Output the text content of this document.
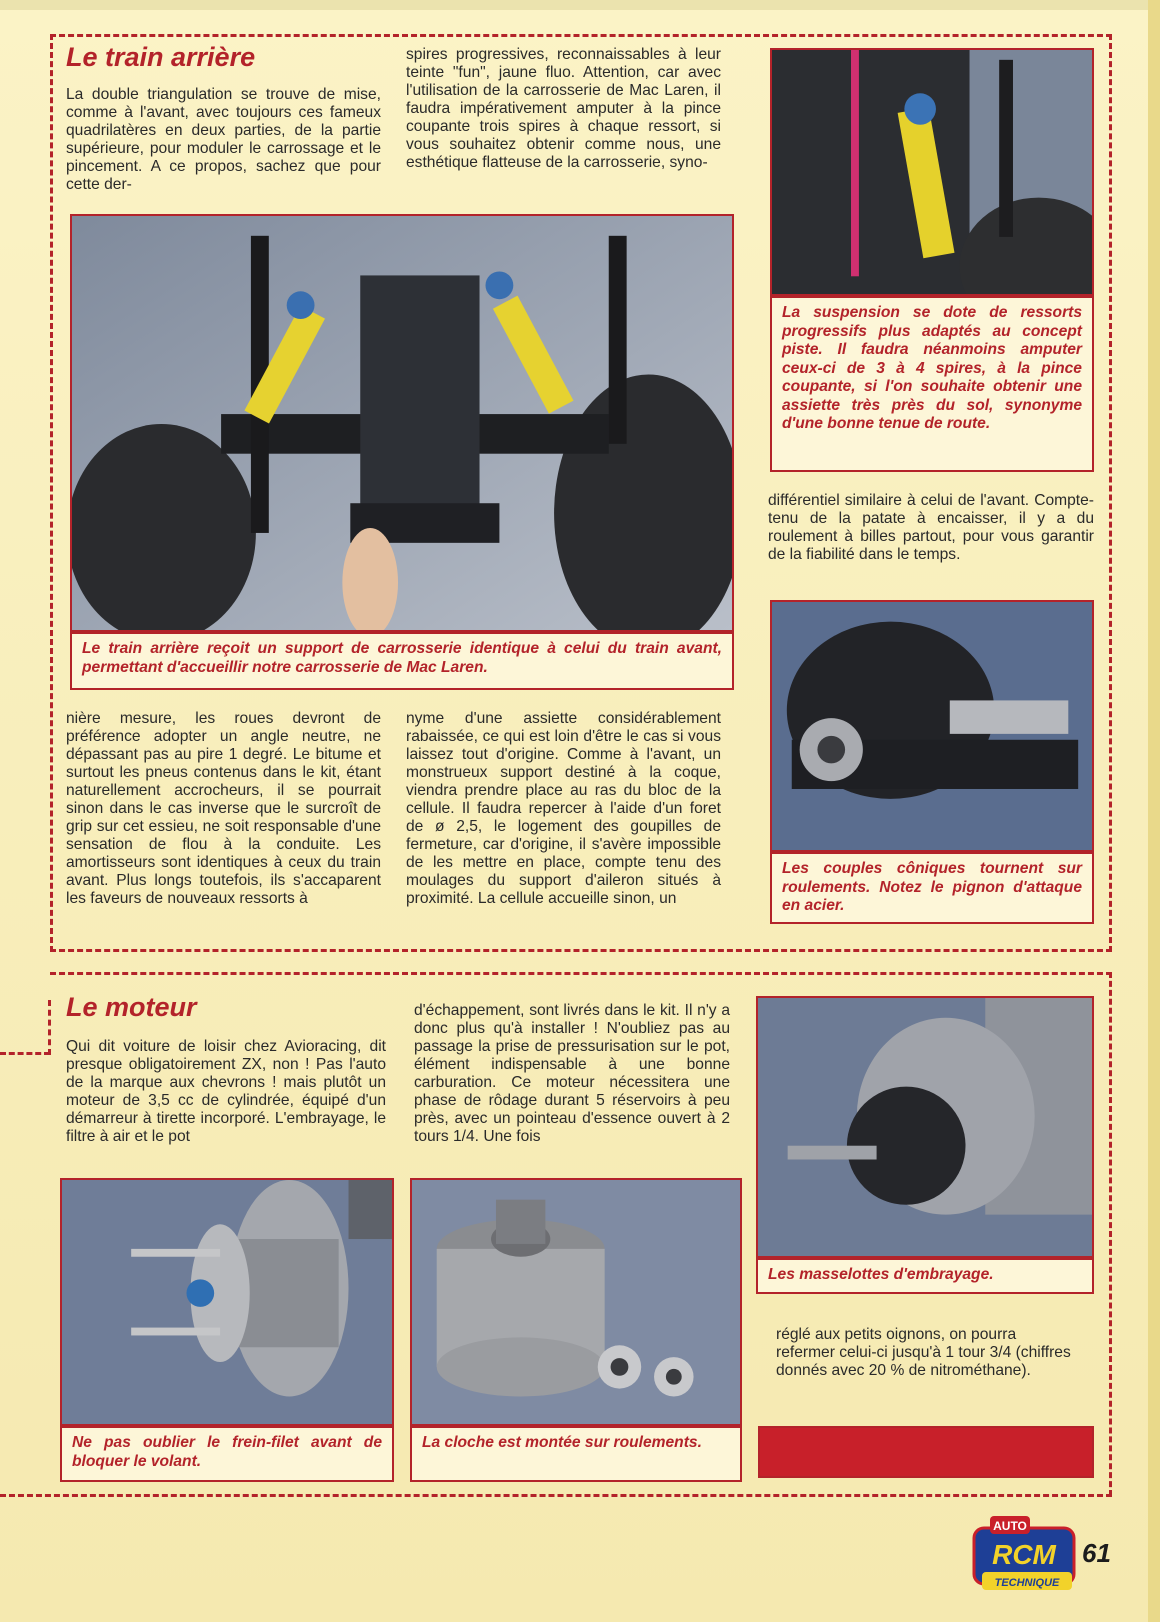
Le train arrière

La double triangulation se trouve de mise, comme à l'avant, avec toujours ces fameux quadrilatères en deux parties, de la partie supérieure, pour moduler le carrossage et le pincement. A ce propos, sachez que pour cette der-

spires progressives, reconnaissables à leur teinte "fun", jaune fluo. Attention, car avec l'utilisation de la carrosserie de Mac Laren, il faudra impérativement amputer à la pince coupante trois spires à chaque ressort, si vous souhaitez obtenir comme nous, une esthétique flatteuse de la carrosserie, syno-

Le train arrière reçoit un support de carrosserie identique à celui du train avant, permettant d'accueillir notre carrosserie de Mac Laren.
La suspension se dote de ressorts progressifs plus adaptés au concept piste. Il faudra néanmoins amputer ceux-ci de 3 à 4 spires, à la pince coupante, si l'on souhaite obtenir une assiette très près du sol, synonyme d'une bonne tenue de route.

différentiel similaire à celui de l'avant. Compte-tenu de la patate à encaisser, il y a du roulement à billes partout, pour vous garantir de la fiabilité dans le temps.

nière mesure, les roues devront de préférence adopter un angle neutre, ne dépassant pas au pire 1 degré. Le bitume et surtout les pneus contenus dans le kit, étant naturellement accrocheurs, il se pourrait sinon dans le cas inverse que le surcroît de grip sur cet essieu, ne soit responsable d'une sensation de flou à la conduite. Les amortisseurs sont identiques à ceux du train avant. Plus longs toutefois, ils s'accaparent les faveurs de nouveaux ressorts à

nyme d'une assiette considérablement rabaissée, ce qui est loin d'être le cas si vous laissez tout d'origine. Comme à l'avant, un monstrueux support destiné à la coque, viendra prendre place au ras du bloc de la cellule. Il faudra repercer à l'aide d'un foret de ø 2,5, le logement des goupilles de fermeture, car d'origine, il s'avère impossible de les mettre en place, compte tenu des moulages du support d'aileron situés à proximité. La cellule accueille sinon, un

Les couples côniques tournent sur roulements. Notez le pignon d'attaque en acier.
Le moteur

Qui dit voiture de loisir chez Avioracing, dit presque obligatoirement ZX, non ! Pas l'auto de la marque aux chevrons ! mais plutôt un moteur de 3,5 cc de cylindrée, équipé d'un démarreur à tirette incorporé. L'embrayage, le filtre à air et le pot

d'échappement, sont livrés dans le kit. Il n'y a donc plus qu'à installer ! N'oubliez pas au passage la prise de pressurisation sur le pot, élément indispensable à une bonne carburation. Ce moteur nécessitera une phase de rôdage durant 5 réservoirs à peu près, avec un pointeau d'essence ouvert à 2 tours 1/4. Une fois

Les masselottes d'embrayage.

réglé aux petits oignons, on pourra refermer celui-ci jusqu'à 1 tour 3/4 (chiffres donnés avec 20 % de nitrométhane).

Ne pas oublier le frein-filet avant de bloquer le volant.
La cloche est montée sur roulements.
AUTO
RCM
TECHNIQUE
61
